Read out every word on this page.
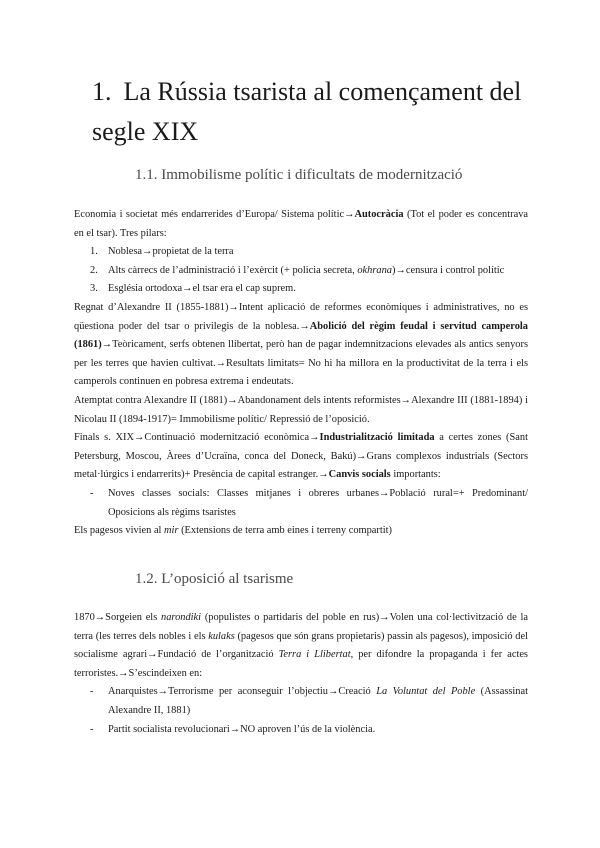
1. La Rússia tsarista al començament del segle XIX
1.1. Immobilisme polític i dificultats de modernització

Economia i societat més endarrerides d’Europa/ Sistema polític→Autocràcia (Tot el poder es concentrava en el tsar). Tres pilars:

1. Noblesa→propietat de la terra
2. Alts càrrecs de l’administració i l’exèrcit (+ policia secreta, okhrana)→censura i control polític
3. Església ortodoxa→el tsar era el cap suprem.

Regnat d’Alexandre II (1855-1881)→Intent aplicació de reformes econòmiques i administratives, no es qüestiona poder del tsar o privilegis de la noblesa.→Abolició del règim feudal i servitud camperola (1861)→Teòricament, serfs obtenen llibertat, però han de pagar indemnitzacions elevades als antics senyors per les terres que havien cultivat.→Resultats limitats= No hi ha millora en la productivitat de la terra i els camperols continuen en pobresa extrema i endeutats.

Atemptat contra Alexandre II (1881)→Abandonament dels intents reformistes→Alexandre III (1881-1894) i Nicolau II (1894-1917)= Immobilisme polític/ Repressió de l’oposició.

Finals s. XIX→Continuació modernització econòmica→Industrialització limitada a certes zones (Sant Petersburg, Moscou, Àrees d’Ucraïna, conca del Doneck, Bakú)→Grans complexos industrials (Sectors metal·lúrgics i endarrerits)+ Presència de capital estranger.→Canvis socials importants:

- Noves classes socials: Classes mitjanes i obreres urbanes→Població rural=+ Predominant/ Oposicions als règims tsaristes

Els pagesos vivien al mir (Extensions de terra amb eines i terreny compartit)

1.2. L’oposició al tsarisme

1870→Sorgeien els narondiki (populistes o partidaris del poble en rus)→Volen una col·lectivització de la terra (les terres dels nobles i els kulaks (pagesos que són grans propietaris) passin als pagesos), imposició del socialisme agrari→Fundació de l’organització Terra i Llibertat, per difondre la propaganda i fer actes terroristes.→S’escindeixen en:

- Anarquistes→Terrorisme per aconseguir l’objectiu→Creació La Voluntat del Poble (Assassinat Alexandre II, 1881)
- Partit socialista revolucionari→NO aproven l’ús de la violència.
